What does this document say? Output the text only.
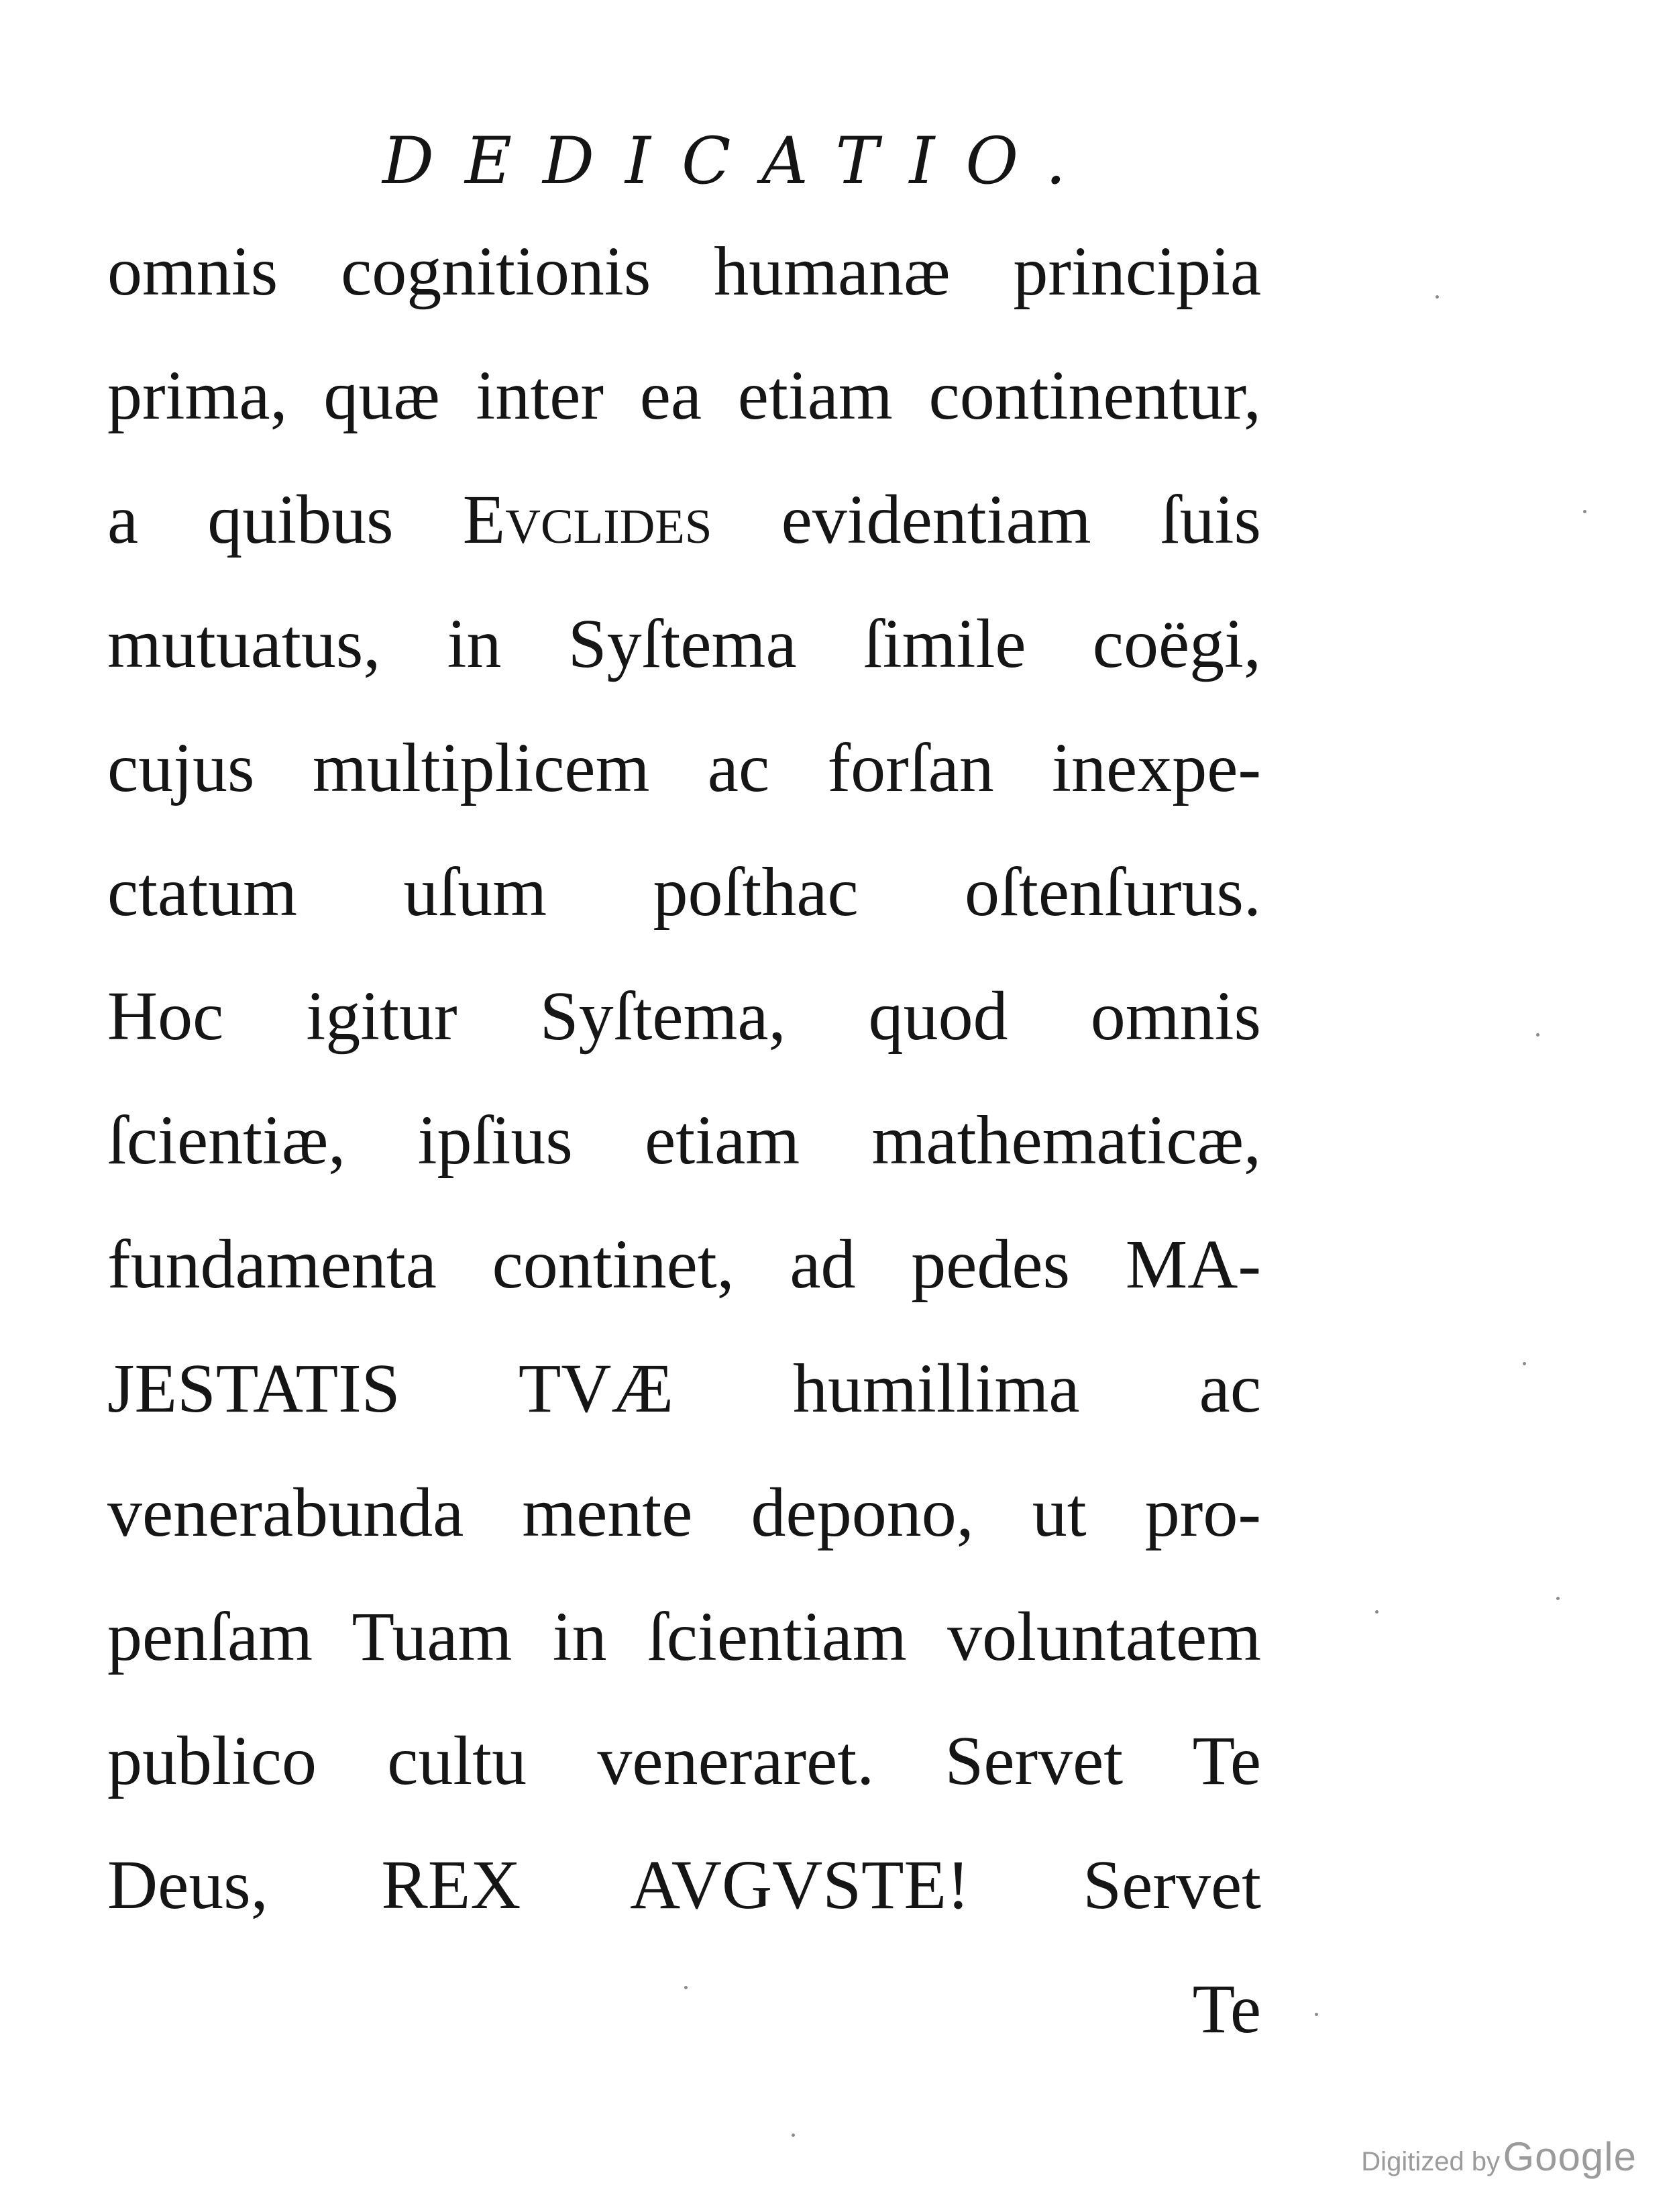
DEDICATIO.
omnis cognitionis humanæ principia
prima, quæ inter ea etiam continentur,
a quibus Evclides evidentiam ſuis
mutuatus, in Syſtema ſimile coëgi,
cujus multiplicem ac forſan inexpe-
ctatum uſum poſthac oſtenſurus.
Hoc igitur Syſtema, quod omnis
ſcientiæ, ipſius etiam mathematicæ,
fundamenta continet, ad pedes MA-
JESTATIS TVÆ humillima ac
venerabunda mente depono, ut pro-
penſam Tuam in ſcientiam voluntatem
publico cultu veneraret. Servet Te
Deus, REX AVGVSTE! Servet
Te
Digitized by Google
